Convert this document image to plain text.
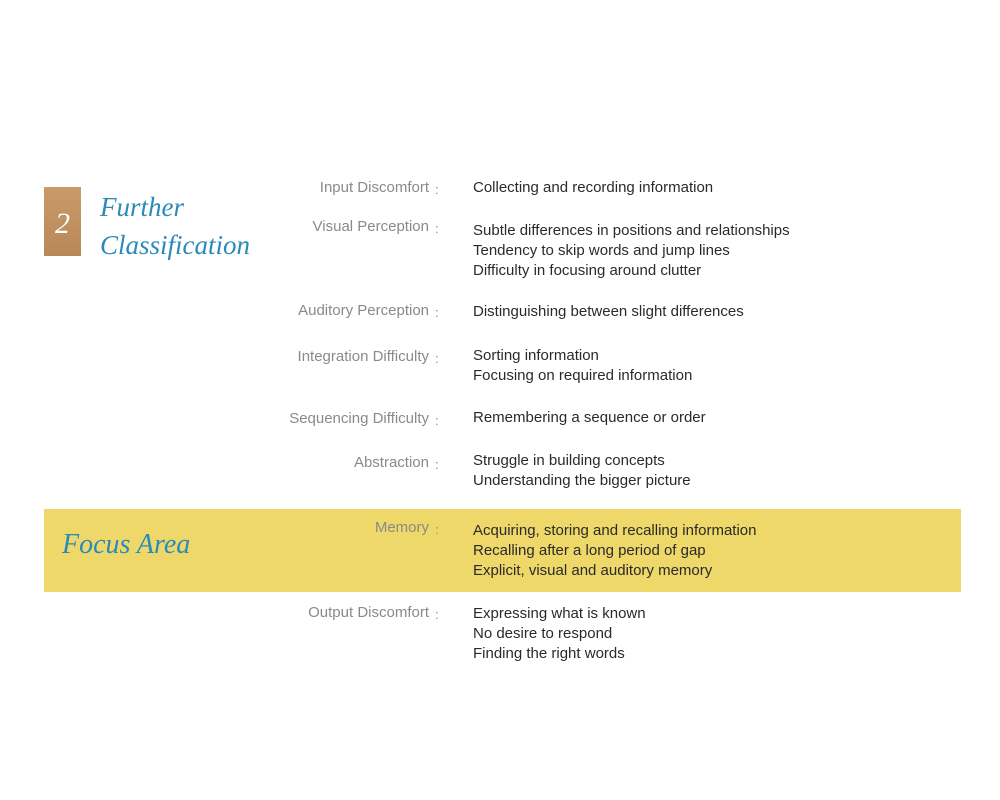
2 Further
Classification
Focus Area
Input Discomfort : Collecting and recording information
Visual Perception : Subtle differences in positions and relationships
Tendency to skip words and jump lines
Difficulty in focusing around clutter
Auditory Perception : Distinguishing between slight differences
Integration Difficulty : Sorting information
Focusing on required information
Sequencing Difficulty : Remembering a sequence or order
Abstraction : Struggle in building concepts
Understanding the bigger picture
Memory : Acquiring, storing and recalling information
Recalling after a long period of gap
Explicit, visual and auditory memory
Output Discomfort : Expressing what is known
No desire to respond
Finding the right words
